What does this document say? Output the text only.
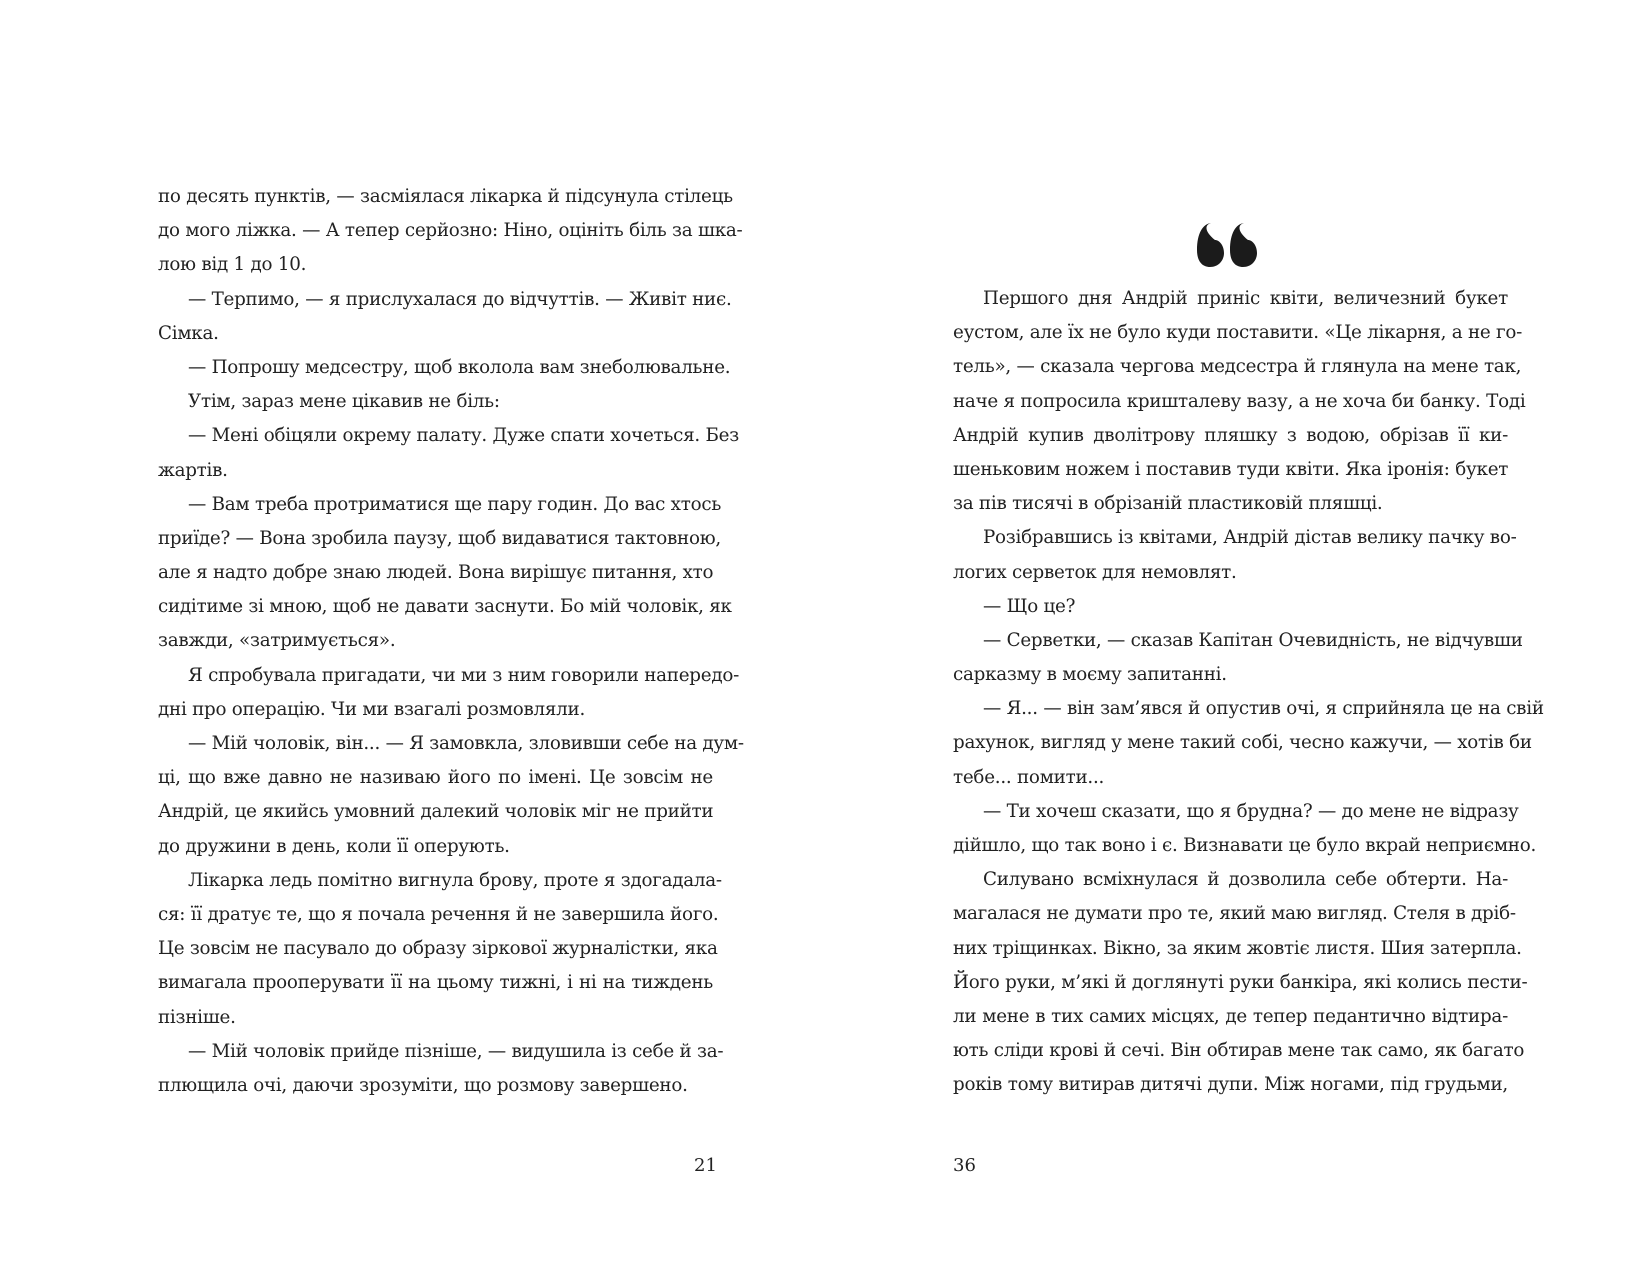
по десять пунктів, — засміялася лікарка й підсунула стілець
до мого ліжка. — А тепер серйозно: Ніно, оцініть біль за шка-
лою від 1 до 10.
— Терпимо, — я прислухалася до відчуттів. — Живіт ниє.
Сімка.
— Попрошу медсестру, щоб вколола вам знеболювальне.
Утім, зараз мене цікавив не біль:
— Мені обіцяли окрему палату. Дуже спати хочеться. Без
жартів.
— Вам треба протриматися ще пару годин. До вас хтось
приїде? — Вона зробила паузу, щоб видаватися тактовною,
але я надто добре знаю людей. Вона вирішує питання, хто
сидітиме зі мною, щоб не давати заснути. Бо мій чоловік, як
завжди, «затримується».
Я спробувала пригадати, чи ми з ним говорили напередо-
дні про операцію. Чи ми взагалі розмовляли.
— Мій чоловік, він... — Я замовкла, зловивши себе на дум-
ці, що вже давно не називаю його по імені. Це зовсім не
Андрій, це якийсь умовний далекий чоловік міг не прийти
до дружини в день, коли її оперують.
Лікарка ледь помітно вигнула брову, проте я здогадала-
ся: її дратує те, що я почала речення й не завершила його.
Це зовсім не пасувало до образу зіркової журналістки, яка
вимагала прооперувати її на цьому тижні, і ні на тиждень
пізніше.
— Мій чоловік прийде пізніше, — видушила із себе й за-
плющила очі, даючи зрозуміти, що розмову завершено.
21
Першого дня Андрій приніс квіти, величезний букет
еустом, але їх не було куди поставити. «Це лікарня, а не го-
тель», — сказала чергова медсестра й глянула на мене так,
наче я попросила кришталеву вазу, а не хоча би банку. Тоді
Андрій купив дволітрову пляшку з водою, обрізав її ки-
шеньковим ножем і поставив туди квіти. Яка іронія: букет
за пів тисячі в обрізаній пластиковій пляшці.
Розібравшись із квітами, Андрій дістав велику пачку во-
логих серветок для немовлят.
— Що це?
— Серветки, — сказав Капітан Очевидність, не відчувши
сарказму в моєму запитанні.
— Я... — він зам’явся й опустив очі, я сприйняла це на свій
рахунок, вигляд у мене такий собі, чесно кажучи, — хотів би
тебе... помити...
— Ти хочеш сказати, що я брудна? — до мене не відразу
дійшло, що так воно і є. Визнавати це було вкрай неприємно.
Силувано всміхнулася й дозволила себе обтерти. На-
магалася не думати про те, який маю вигляд. Стеля в дріб-
них тріщинках. Вікно, за яким жовтіє листя. Шия затерпла.
Його руки, м’які й доглянуті руки банкіра, які колись пести-
ли мене в тих самих місцях, де тепер педантично відтира-
ють сліди крові й сечі. Він обтирав мене так само, як багато
років тому витирав дитячі дупи. Між ногами, під грудьми,
36
